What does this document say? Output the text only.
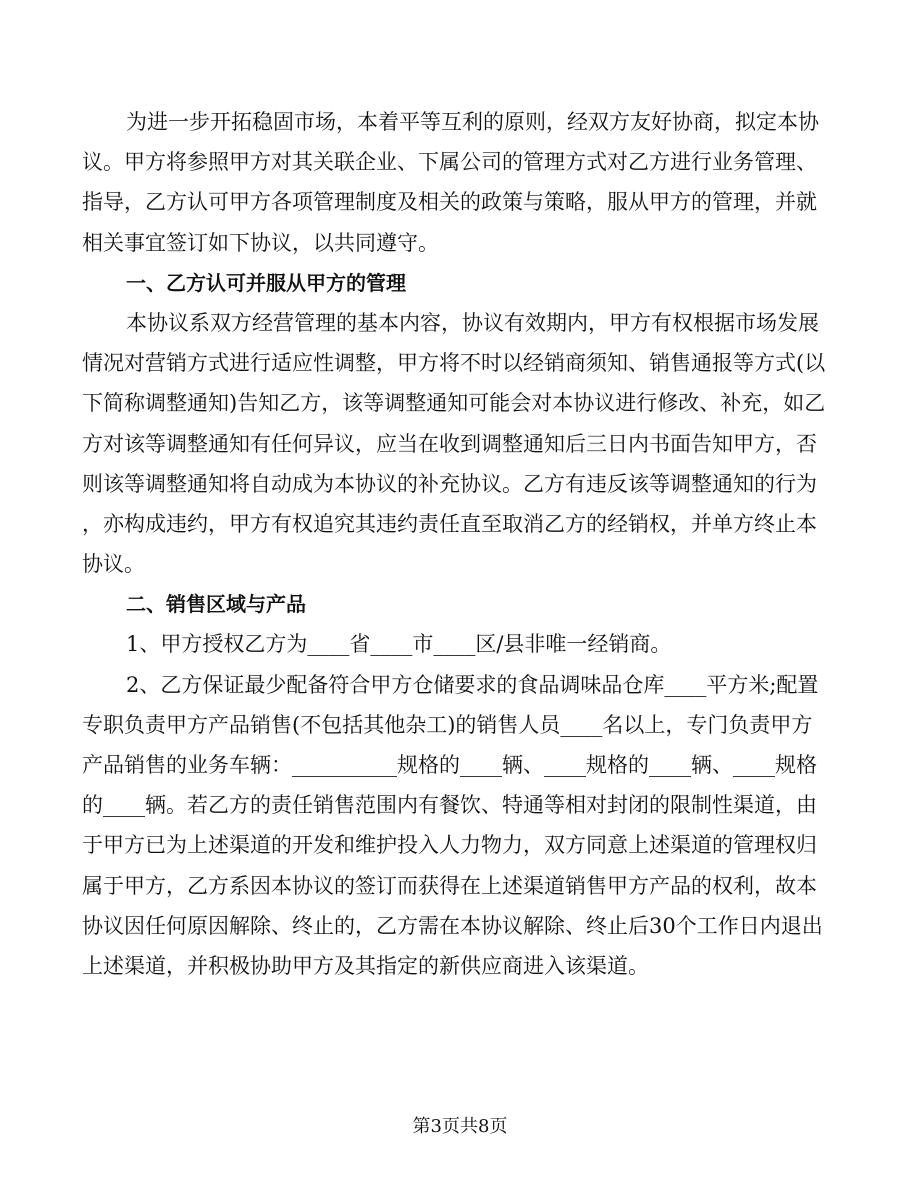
为进一步开拓稳固市场，本着平等互利的原则，经双方友好协商，拟定本协
议。甲方将参照甲方对其关联企业、下属公司的管理方式对乙方进行业务管理、
指导，乙方认可甲方各项管理制度及相关的政策与策略，服从甲方的管理，并就
相关事宜签订如下协议，以共同遵守。

一、乙方认可并服从甲方的管理

本协议系双方经营管理的基本内容，协议有效期内，甲方有权根据市场发展
情况对营销方式进行适应性调整，甲方将不时以经销商须知、销售通报等方式(以
下简称调整通知)告知乙方，该等调整通知可能会对本协议进行修改、补充，如乙
方对该等调整通知有任何异议，应当在收到调整通知后三日内书面告知甲方，否
则该等调整通知将自动成为本协议的补充协议。乙方有违反该等调整通知的行为
，亦构成违约，甲方有权追究其违约责任直至取消乙方的经销权，并单方终止本
协议。

二、销售区域与产品

1、甲方授权乙方为____省____市____区/县非唯一经销商。

2、乙方保证最少配备符合甲方仓储要求的食品调味品仓库____平方米;配置
专职负责甲方产品销售(不包括其他杂工)的销售人员____名以上，专门负责甲方
产品销售的业务车辆：__________规格的____辆、____规格的____辆、____规格
的____辆。若乙方的责任销售范围内有餐饮、特通等相对封闭的限制性渠道，由
于甲方已为上述渠道的开发和维护投入人力物力，双方同意上述渠道的管理权归
属于甲方，乙方系因本协议的签订而获得在上述渠道销售甲方产品的权利，故本
协议因任何原因解除、终止的，乙方需在本协议解除、终止后30个工作日内退出
上述渠道，并积极协助甲方及其指定的新供应商进入该渠道。

第3页共8页
